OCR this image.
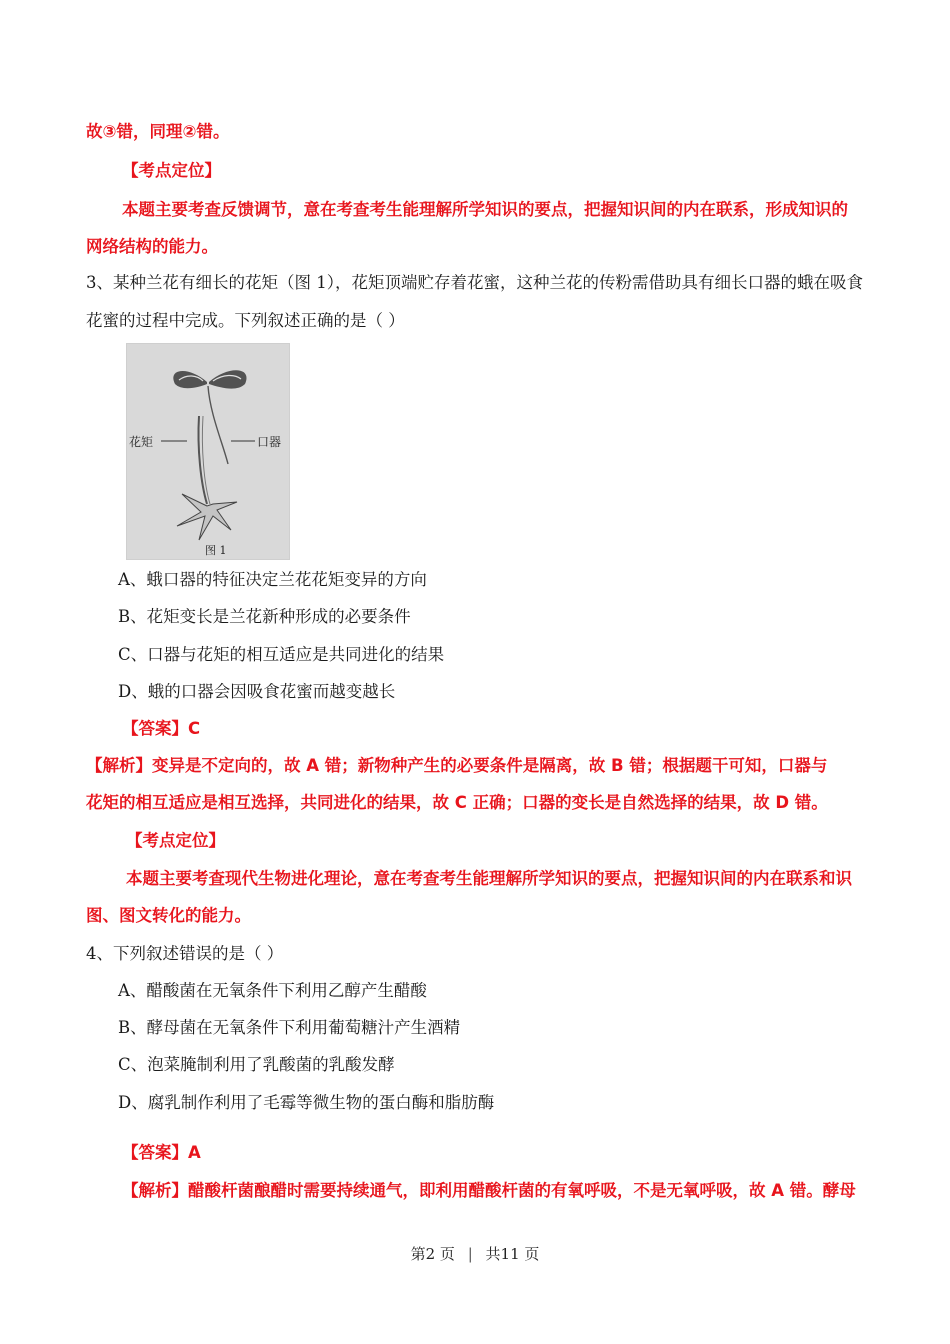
故③错，同理②错。
【考点定位】
本题主要考查反馈调节，意在考查考生能理解所学知识的要点，把握知识间的内在联系，形成知识的
网络结构的能力。
3、某种兰花有细长的花矩（图 1），花矩顶端贮存着花蜜，这种兰花的传粉需借助具有细长口器的蛾在吸食
花蜜的过程中完成。下列叙述正确的是（ ）
花矩	口器
图 1
A、蛾口器的特征决定兰花花矩变异的方向
B、花矩变长是兰花新种形成的必要条件
C、口器与花矩的相互适应是共同进化的结果
D、蛾的口器会因吸食花蜜而越变越长
【答案】C
【解析】变异是不定向的，故 A 错；新物种产生的必要条件是隔离，故 B 错；根据题干可知，口器与
花矩的相互适应是相互选择，共同进化的结果，故 C 正确；口器的变长是自然选择的结果，故 D 错。
【考点定位】
本题主要考查现代生物进化理论，意在考查考生能理解所学知识的要点，把握知识间的内在联系和识
图、图文转化的能力。
4、下列叙述错误的是（ ）
A、醋酸菌在无氧条件下利用乙醇产生醋酸
B、酵母菌在无氧条件下利用葡萄糖汁产生酒精
C、泡菜腌制利用了乳酸菌的乳酸发酵
D、腐乳制作利用了毛霉等微生物的蛋白酶和脂肪酶
【答案】A
【解析】醋酸杆菌酿醋时需要持续通气，即利用醋酸杆菌的有氧呼吸，不是无氧呼吸，故 A 错。酵母
第2 页 | 共11 页
